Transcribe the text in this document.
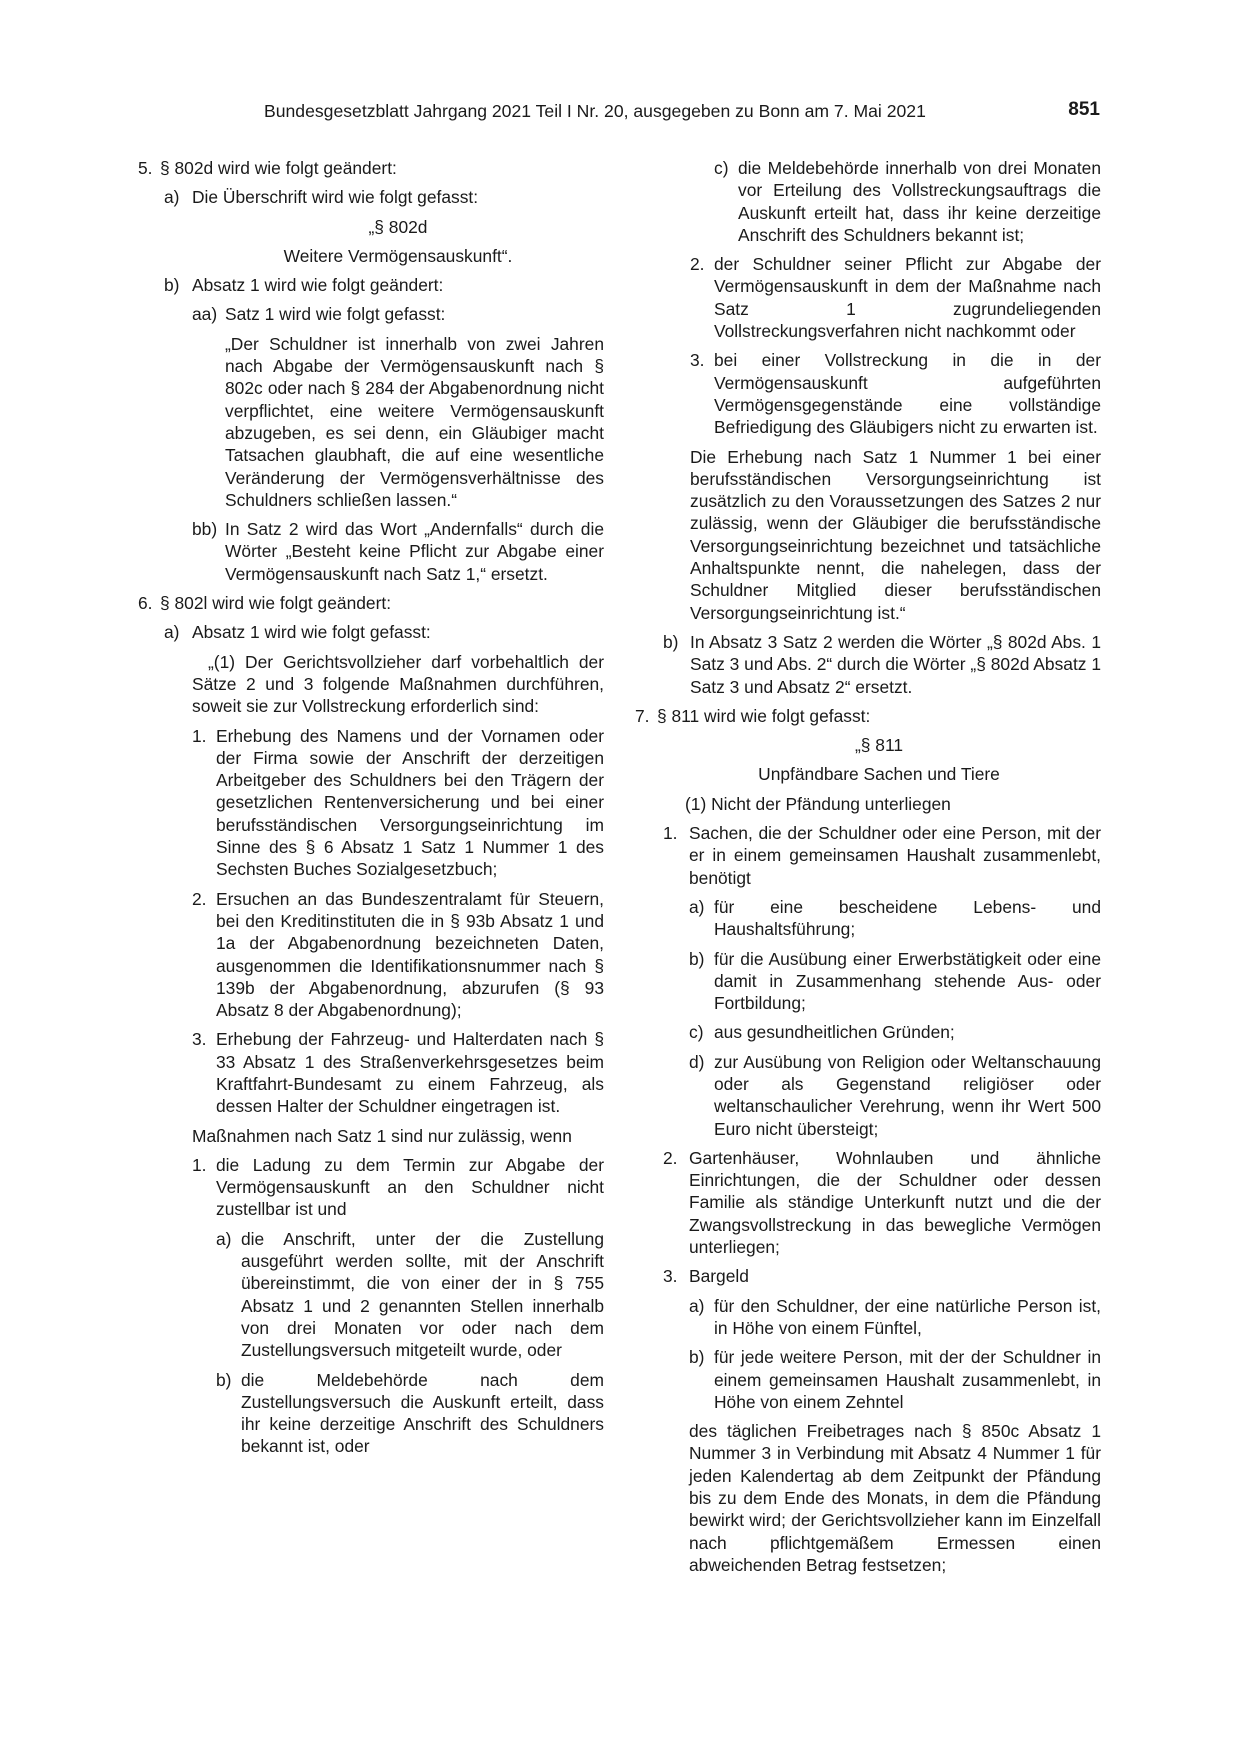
Bundesgesetzblatt Jahrgang 2021 Teil I Nr. 20, ausgegeben zu Bonn am 7. Mai 2021	851
5. § 802d wird wie folgt geändert:
a) Die Überschrift wird wie folgt gefasst:
„§ 802d
Weitere Vermögensauskunft“.
b) Absatz 1 wird wie folgt geändert:
aa) Satz 1 wird wie folgt gefasst:
„Der Schuldner ist innerhalb von zwei Jahren nach Abgabe der Vermögensauskunft nach § 802c oder nach § 284 der Abgabenordnung nicht verpflichtet, eine weitere Vermögensauskunft abzugeben, es sei denn, ein Gläubiger macht Tatsachen glaubhaft, die auf eine wesentliche Veränderung der Vermögensverhältnisse des Schuldners schließen lassen.“
bb) In Satz 2 wird das Wort „Andernfalls“ durch die Wörter „Besteht keine Pflicht zur Abgabe einer Vermögensauskunft nach Satz 1,“ ersetzt.
6. § 802l wird wie folgt geändert:
a) Absatz 1 wird wie folgt gefasst:
„(1) Der Gerichtsvollzieher darf vorbehaltlich der Sätze 2 und 3 folgende Maßnahmen durchführen, soweit sie zur Vollstreckung erforderlich sind:
1. Erhebung des Namens und der Vornamen oder der Firma sowie der Anschrift der derzeitigen Arbeitgeber des Schuldners bei den Trägern der gesetzlichen Rentenversicherung und bei einer berufsständischen Versorgungseinrichtung im Sinne des § 6 Absatz 1 Satz 1 Nummer 1 des Sechsten Buches Sozialgesetzbuch;
2. Ersuchen an das Bundeszentralamt für Steuern, bei den Kreditinstituten die in § 93b Absatz 1 und 1a der Abgabenordnung bezeichneten Daten, ausgenommen die Identifikationsnummer nach § 139b der Abgabenordnung, abzurufen (§ 93 Absatz 8 der Abgabenordnung);
3. Erhebung der Fahrzeug- und Halterdaten nach § 33 Absatz 1 des Straßenverkehrsgesetzes beim Kraftfahrt-Bundesamt zu einem Fahrzeug, als dessen Halter der Schuldner eingetragen ist.
Maßnahmen nach Satz 1 sind nur zulässig, wenn
1. die Ladung zu dem Termin zur Abgabe der Vermögensauskunft an den Schuldner nicht zustellbar ist und
a) die Anschrift, unter der die Zustellung ausgeführt werden sollte, mit der Anschrift übereinstimmt, die von einer der in § 755 Absatz 1 und 2 genannten Stellen innerhalb von drei Monaten vor oder nach dem Zustellungsversuch mitgeteilt wurde, oder
b) die Meldebehörde nach dem Zustellungsversuch die Auskunft erteilt, dass ihr keine derzeitige Anschrift des Schuldners bekannt ist, oder
c) die Meldebehörde innerhalb von drei Monaten vor Erteilung des Vollstreckungsauftrags die Auskunft erteilt hat, dass ihr keine derzeitige Anschrift des Schuldners bekannt ist;
2. der Schuldner seiner Pflicht zur Abgabe der Vermögensauskunft in dem der Maßnahme nach Satz 1 zugrundeliegenden Vollstreckungsverfahren nicht nachkommt oder
3. bei einer Vollstreckung in die in der Vermögensauskunft aufgeführten Vermögensgegenstände eine vollständige Befriedigung des Gläubigers nicht zu erwarten ist.
Die Erhebung nach Satz 1 Nummer 1 bei einer berufsständischen Versorgungseinrichtung ist zusätzlich zu den Voraussetzungen des Satzes 2 nur zulässig, wenn der Gläubiger die berufsständische Versorgungseinrichtung bezeichnet und tatsächliche Anhaltspunkte nennt, die nahelegen, dass der Schuldner Mitglied dieser berufsständischen Versorgungseinrichtung ist.“
b) In Absatz 3 Satz 2 werden die Wörter „§ 802d Abs. 1 Satz 3 und Abs. 2“ durch die Wörter „§ 802d Absatz 1 Satz 3 und Absatz 2“ ersetzt.
7. § 811 wird wie folgt gefasst:
„§ 811
Unpfändbare Sachen und Tiere
(1) Nicht der Pfändung unterliegen
1. Sachen, die der Schuldner oder eine Person, mit der er in einem gemeinsamen Haushalt zusammenlebt, benötigt
a) für eine bescheidene Lebens- und Haushaltsführung;
b) für die Ausübung einer Erwerbstätigkeit oder eine damit in Zusammenhang stehende Aus- oder Fortbildung;
c) aus gesundheitlichen Gründen;
d) zur Ausübung von Religion oder Weltanschauung oder als Gegenstand religiöser oder weltanschaulicher Verehrung, wenn ihr Wert 500 Euro nicht übersteigt;
2. Gartenhäuser, Wohnlauben und ähnliche Einrichtungen, die der Schuldner oder dessen Familie als ständige Unterkunft nutzt und die der Zwangsvollstreckung in das bewegliche Vermögen unterliegen;
3. Bargeld
a) für den Schuldner, der eine natürliche Person ist, in Höhe von einem Fünftel,
b) für jede weitere Person, mit der der Schuldner in einem gemeinsamen Haushalt zusammenlebt, in Höhe von einem Zehntel
des täglichen Freibetrages nach § 850c Absatz 1 Nummer 3 in Verbindung mit Absatz 4 Nummer 1 für jeden Kalendertag ab dem Zeitpunkt der Pfändung bis zu dem Ende des Monats, in dem die Pfändung bewirkt wird; der Gerichtsvollzieher kann im Einzelfall nach pflichtgemäßem Ermessen einen abweichenden Betrag festsetzen;
